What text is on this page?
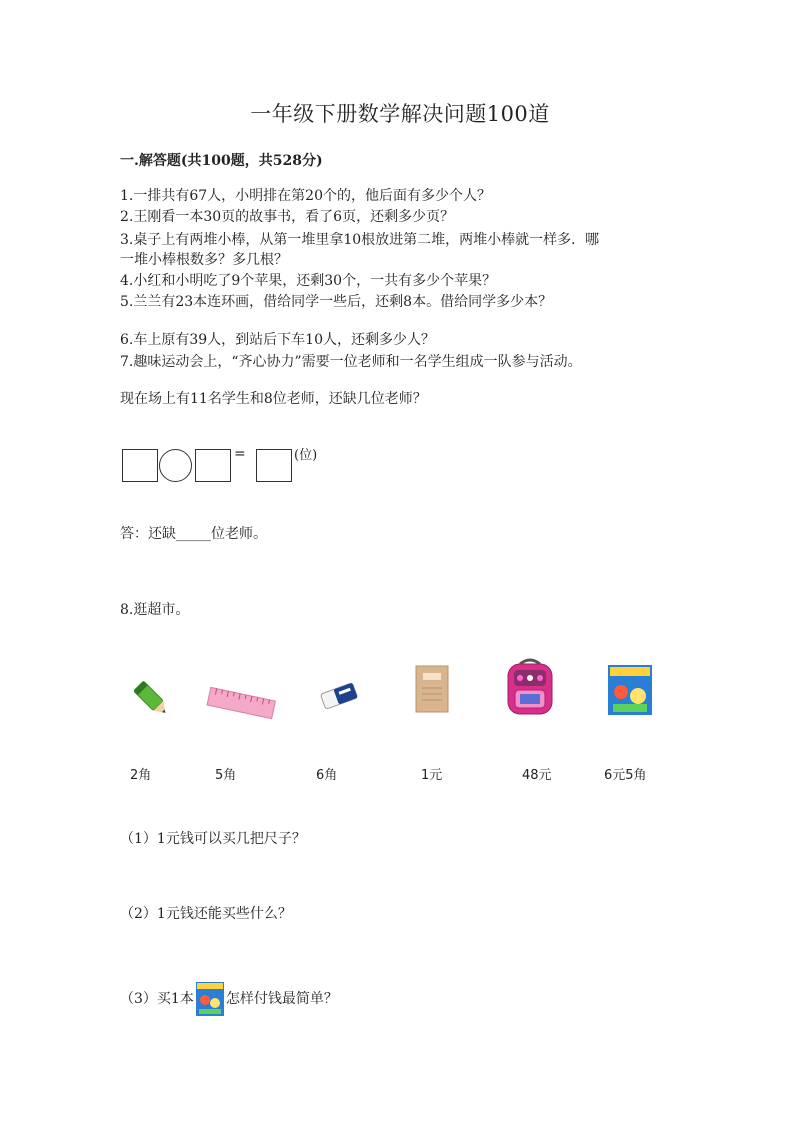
一年级下册数学解决问题100道
一.解答题(共100题，共528分)
1.一排共有67人，小明排在第20个的，他后面有多少个人？
2.王刚看一本30页的故事书，看了6页，还剩多少页？
3.桌子上有两堆小棒，从第一堆里拿10根放进第二堆，两堆小棒就一样多．哪
一堆小棒根数多？多几根？
4.小红和小明吃了9个苹果，还剩30个，一共有多少个苹果？
5.兰兰有23本连环画，借给同学一些后，还剩8本。借给同学多少本？
6.车上原有39人，到站后下车10人，还剩多少人？
7.趣味运动会上，“齐心协力”需要一位老师和一名学生组成一队参与活动。
现在场上有11名学生和8位老师，还缺几位老师？
=	(位)
答：还缺_____位老师。
8.逛超市。
2角	5角	6角	1元	48元	6元5角
（1）1元钱可以买几把尺子？
（2）1元钱还能买些什么？
（3）买1本 怎样付钱最简单？
